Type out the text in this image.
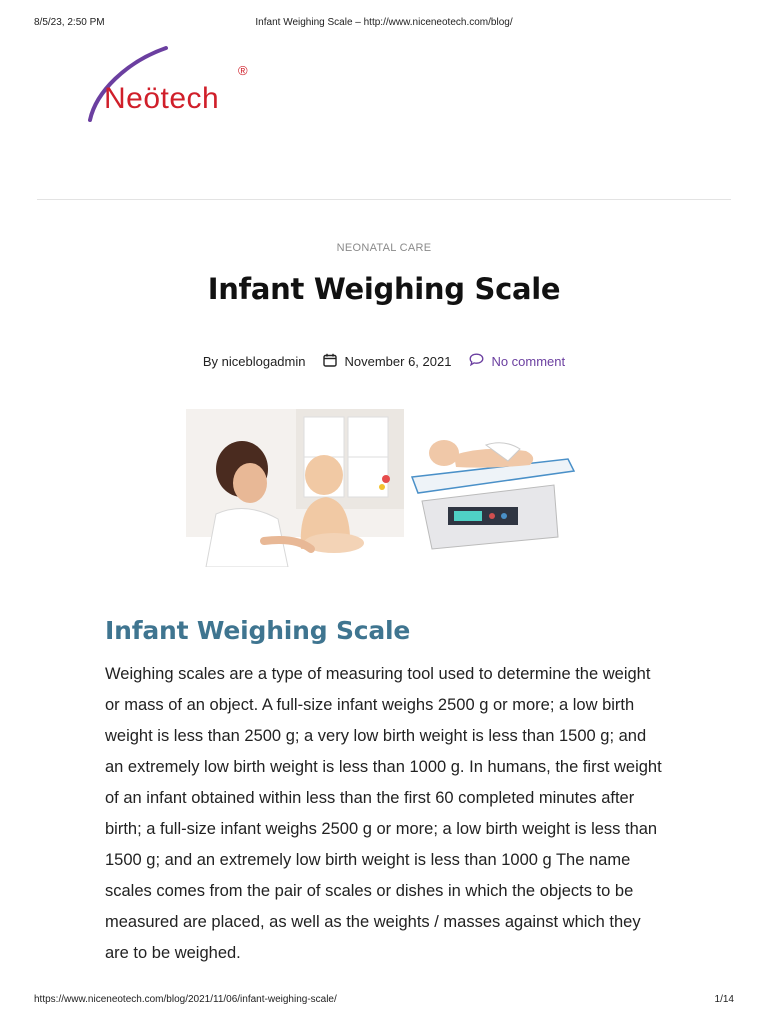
8/5/23, 2:50 PM	Infant Weighing Scale – http://www.niceneotech.com/blog/
Neötech
®
NEONATAL CARE
Infant Weighing Scale
By niceblogadmin	November 6, 2021	No comment
Infant Weighing Scale

Weighing scales are a type of measuring tool used to determine the weight or mass of an object. A full-size infant weighs 2500 g or more; a low birth weight is less than 2500 g; a very low birth weight is less than 1500 g; and an extremely low birth weight is less than 1000 g. In humans, the first weight of an infant obtained within less than the first 60 completed minutes after birth; a full-size infant weighs 2500 g or more; a low birth weight is less than 1500 g; and an extremely low birth weight is less than 1000 g The name scales comes from the pair of scales or dishes in which the objects to be measured are placed, as well as the weights / masses against which they are to be weighed.

https://www.niceneotech.com/blog/2021/11/06/infant-weighing-scale/	1/14
